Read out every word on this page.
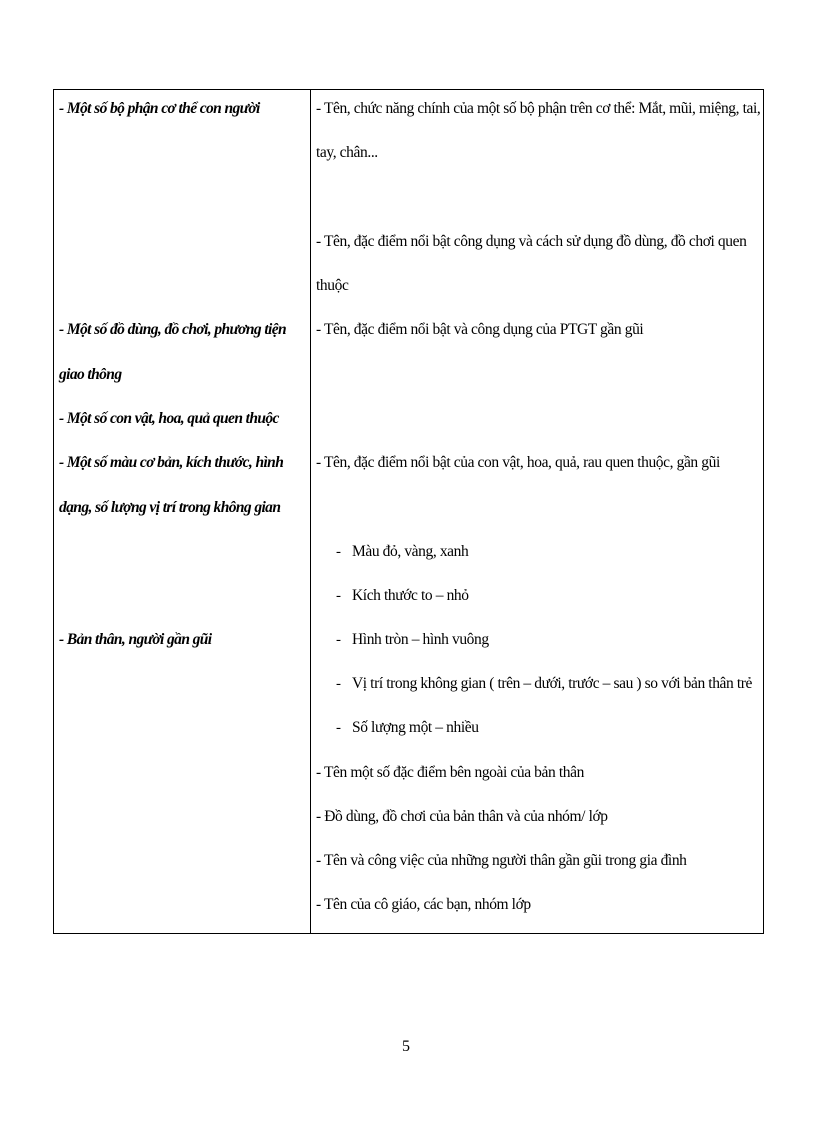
- Một số bộ phận cơ thể con người
- Một số đồ dùng, đồ chơi, phương tiện
giao thông
- Một số con vật, hoa, quả quen thuộc
- Một số màu cơ bản, kích thước, hình
dạng, số lượng vị trí trong không gian
- Bản thân, người gần gũi
- Tên, chức năng chính của một số bộ phận trên cơ thể: Mắt, mũi, miệng, tai,
tay, chân...
- Tên, đặc điểm nổi bật công dụng và cách sử dụng đồ dùng, đồ chơi quen
thuộc
- Tên, đặc điểm nổi bật và công dụng của PTGT gần gũi
- Tên, đặc điểm nổi bật của con vật, hoa, quả, rau quen thuộc, gần gũi
- Màu đỏ, vàng, xanh
- Kích thước to – nhỏ
- Hình tròn – hình vuông
- Vị trí trong không gian ( trên – dưới, trước – sau ) so với bản thân trẻ
- Số lượng một – nhiều
- Tên một số đặc điểm bên ngoài của bản thân
- Đồ dùng, đồ chơi của bản thân và của nhóm/ lớp
- Tên và công việc của những người thân gần gũi trong gia đình
- Tên của cô giáo, các bạn, nhóm lớp
5
